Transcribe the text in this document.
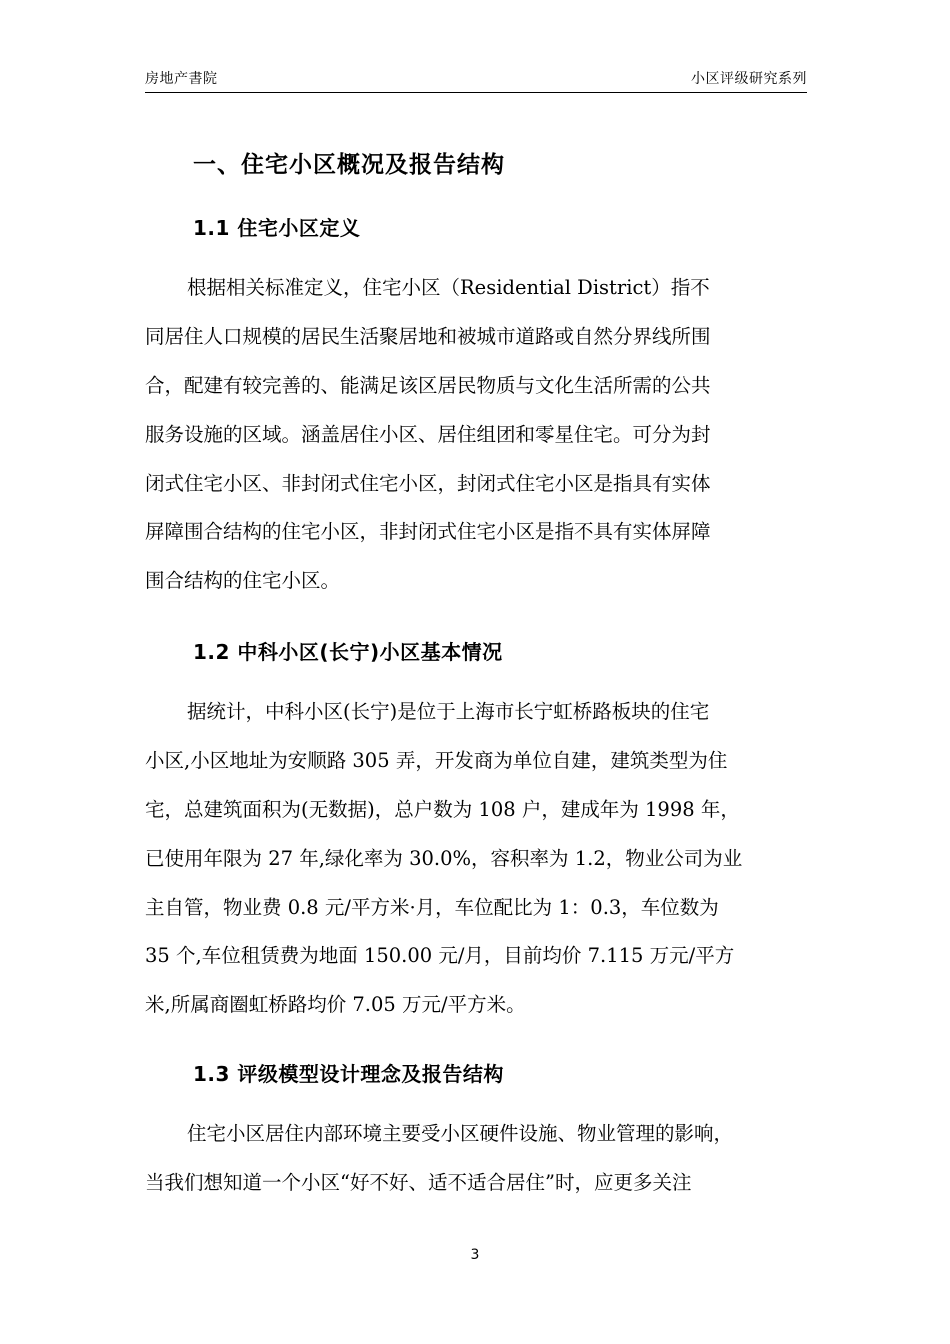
房地产書院	小区评级研究系列
一、住宅小区概况及报告结构
1.1 住宅小区定义
根据相关标准定义，住宅小区（Residential District）指不
同居住人口规模的居民生活聚居地和被城市道路或自然分界线所围
合，配建有较完善的、能满足该区居民物质与文化生活所需的公共
服务设施的区域。涵盖居住小区、居住组团和零星住宅。可分为封
闭式住宅小区、非封闭式住宅小区，封闭式住宅小区是指具有实体
屏障围合结构的住宅小区，非封闭式住宅小区是指不具有实体屏障
围合结构的住宅小区。
1.2 中科小区(长宁)小区基本情况
据统计，中科小区(长宁)是位于上海市长宁虹桥路板块的住宅
小区,小区地址为安顺路 305 弄，开发商为单位自建，建筑类型为住
宅，总建筑面积为(无数据)，总户数为 108 户，建成年为 1998 年，
已使用年限为 27 年,绿化率为 30.0%，容积率为 1.2，物业公司为业
主自管，物业费 0.8 元/平方米·月，车位配比为 1：0.3，车位数为
35 个,车位租赁费为地面 150.00 元/月，目前均价 7.115 万元/平方
米,所属商圈虹桥路均价 7.05 万元/平方米。
1.3 评级模型设计理念及报告结构
住宅小区居住内部环境主要受小区硬件设施、物业管理的影响，
当我们想知道一个小区“好不好、适不适合居住”时，应更多关注
3
